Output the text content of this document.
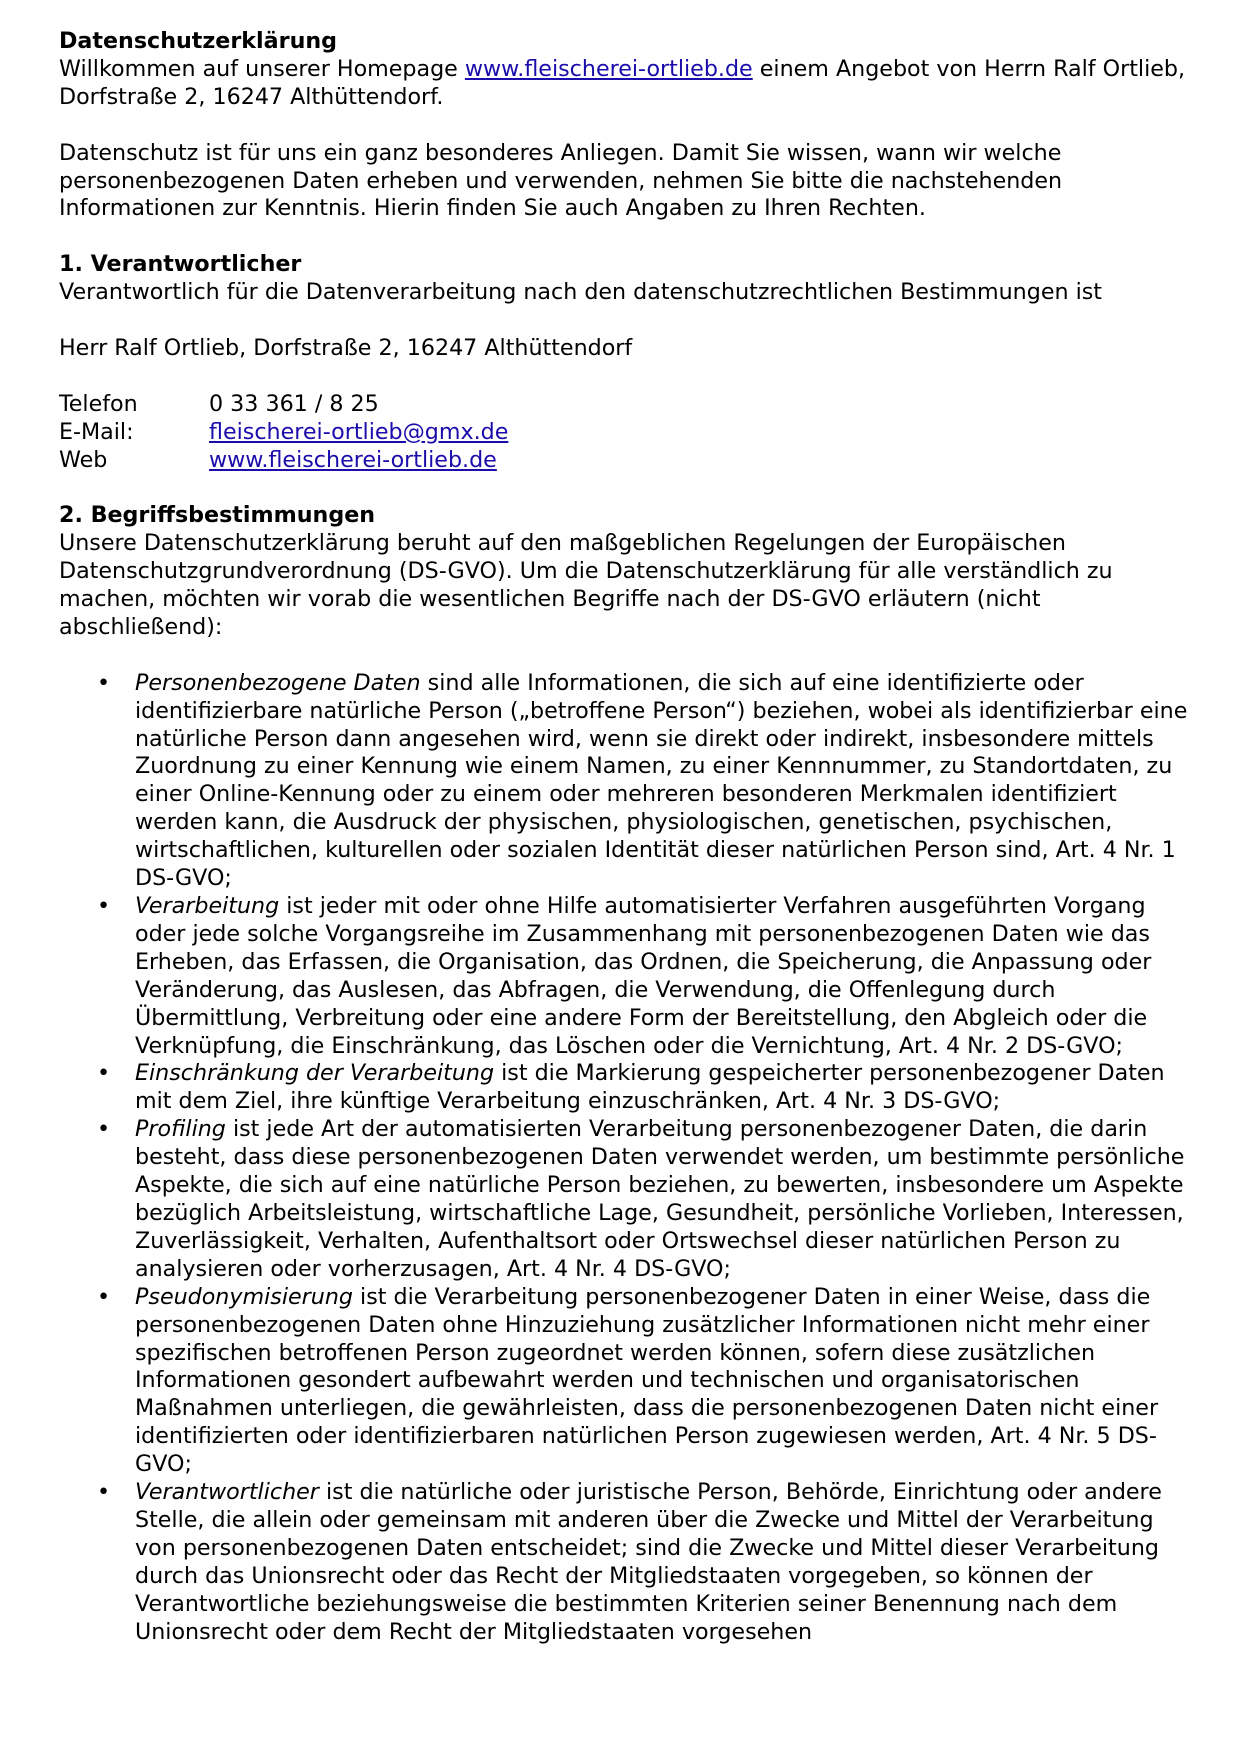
Datenschutzerklärung

Willkommen auf unserer Homepage www.fleischerei-ortlieb.de einem Angebot von Herrn Ralf Ortlieb, Dorfstraße 2, 16247 Althüttendorf.

Datenschutz ist für uns ein ganz besonderes Anliegen. Damit Sie wissen, wann wir welche personenbezogenen Daten erheben und verwenden, nehmen Sie bitte die nachstehenden Informationen zur Kenntnis. Hierin finden Sie auch Angaben zu Ihren Rechten.

1. Verantwortlicher

Verantwortlich für die Datenverarbeitung nach den datenschutzrechtlichen Bestimmungen ist

Herr Ralf Ortlieb, Dorfstraße 2, 16247 Althüttendorf

Telefon	0 33 361 / 8 25
E-Mail:	fleischerei-ortlieb@gmx.de
Web	www.fleischerei-ortlieb.de
2. Begriffsbestimmungen

Unsere Datenschutzerklärung beruht auf den maßgeblichen Regelungen der Europäischen Datenschutzgrundverordnung (DS-GVO). Um die Datenschutzerklärung für alle verständlich zu machen, möchten wir vorab die wesentlichen Begriffe nach der DS-GVO erläutern (nicht abschließend):

• Personenbezogene Daten sind alle Informationen, die sich auf eine identifizierte oder identifizierbare natürliche Person („betroffene Person“) beziehen, wobei als identifizierbar eine natürliche Person dann angesehen wird, wenn sie direkt oder indirekt, insbesondere mittels Zuordnung zu einer Kennung wie einem Namen, zu einer Kennnummer, zu Standortdaten, zu einer Online-Kennung oder zu einem oder mehreren besonderen Merkmalen identifiziert werden kann, die Ausdruck der physischen, physiologischen, genetischen, psychischen, wirtschaftlichen, kulturellen oder sozialen Identität dieser natürlichen Person sind, Art. 4 Nr. 1 DS-GVO;
• Verarbeitung ist jeder mit oder ohne Hilfe automatisierter Verfahren ausgeführten Vorgang oder jede solche Vorgangsreihe im Zusammenhang mit personenbezogenen Daten wie das Erheben, das Erfassen, die Organisation, das Ordnen, die Speicherung, die Anpassung oder Veränderung, das Auslesen, das Abfragen, die Verwendung, die Offenlegung durch Übermittlung, Verbreitung oder eine andere Form der Bereitstellung, den Abgleich oder die Verknüpfung, die Einschränkung, das Löschen oder die Vernichtung, Art. 4 Nr. 2 DS-GVO;
• Einschränkung der Verarbeitung ist die Markierung gespeicherter personenbezogener Daten mit dem Ziel, ihre künftige Verarbeitung einzuschränken, Art. 4 Nr. 3 DS-GVO;
• Profiling ist jede Art der automatisierten Verarbeitung personenbezogener Daten, die darin besteht, dass diese personenbezogenen Daten verwendet werden, um bestimmte persönliche Aspekte, die sich auf eine natürliche Person beziehen, zu bewerten, insbesondere um Aspekte bezüglich Arbeitsleistung, wirtschaftliche Lage, Gesundheit, persönliche Vorlieben, Interessen, Zuverlässigkeit, Verhalten, Aufenthaltsort oder Ortswechsel dieser natürlichen Person zu analysieren oder vorherzusagen, Art. 4 Nr. 4 DS-GVO;
• Pseudonymisierung ist die Verarbeitung personenbezogener Daten in einer Weise, dass die personenbezogenen Daten ohne Hinzuziehung zusätzlicher Informationen nicht mehr einer spezifischen betroffenen Person zugeordnet werden können, sofern diese zusätzlichen Informationen gesondert aufbewahrt werden und technischen und organisatorischen Maßnahmen unterliegen, die gewährleisten, dass die personenbezogenen Daten nicht einer identifizierten oder identifizierbaren natürlichen Person zugewiesen werden, Art. 4 Nr. 5 DS-GVO;
• Verantwortlicher ist die natürliche oder juristische Person, Behörde, Einrichtung oder andere Stelle, die allein oder gemeinsam mit anderen über die Zwecke und Mittel der Verarbeitung von personenbezogenen Daten entscheidet; sind die Zwecke und Mittel dieser Verarbeitung durch das Unionsrecht oder das Recht der Mitgliedstaaten vorgegeben, so können der Verantwortliche beziehungsweise die bestimmten Kriterien seiner Benennung nach dem Unionsrecht oder dem Recht der Mitgliedstaaten vorgesehen
